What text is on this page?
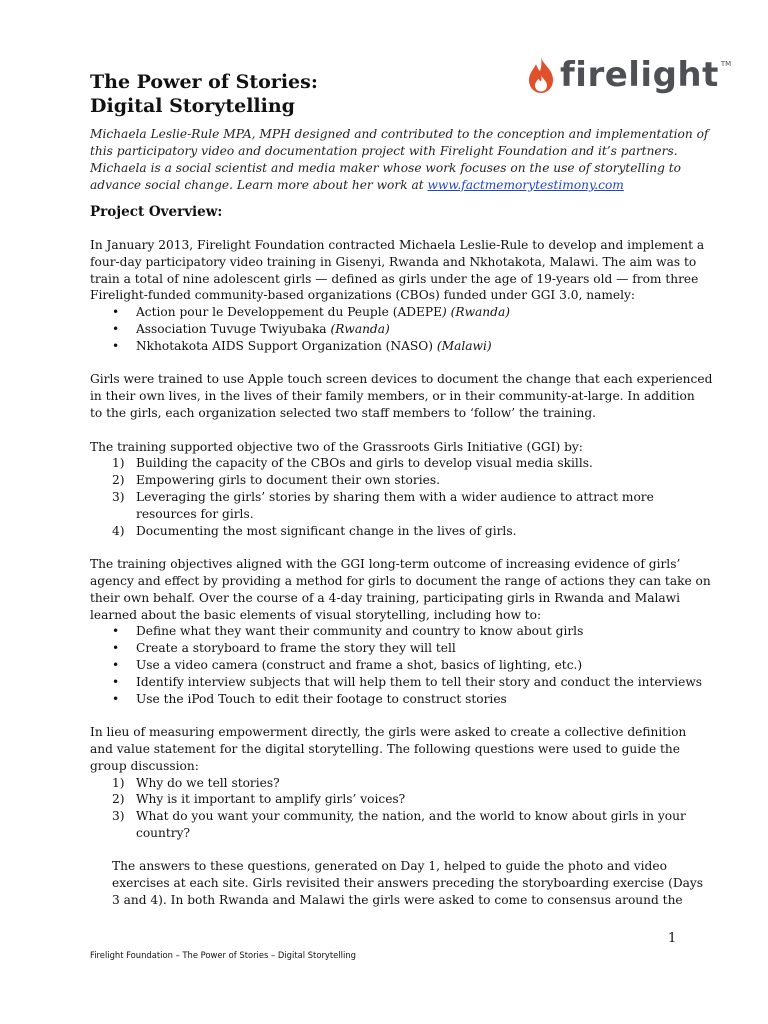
firelight TM
The Power of Stories:
Digital Storytelling
Michaela Leslie-Rule MPA, MPH designed and contributed to the conception and implementation of
this participatory video and documentation project with Firelight Foundation and it’s partners.
Michaela is a social scientist and media maker whose work focuses on the use of storytelling to
advance social change. Learn more about her work at www.factmemorytestimony.com
Project Overview:

In January 2013, Firelight Foundation contracted Michaela Leslie-Rule to develop and implement a
four-day participatory video training in Gisenyi, Rwanda and Nkhotakota, Malawi. The aim was to
train a total of nine adolescent girls — defined as girls under the age of 19-years old — from three
Firelight-funded community-based organizations (CBOs) funded under GGI 3.0, namely:

• Action pour le Developpement du Peuple (ADEPE) (Rwanda)
• Association Tuvuge Twiyubaka (Rwanda)
• Nkhotakota AIDS Support Organization (NASO) (Malawi)

Girls were trained to use Apple touch screen devices to document the change that each experienced
in their own lives, in the lives of their family members, or in their community-at-large. In addition
to the girls, each organization selected two staff members to ‘follow’ the training.

The training supported objective two of the Grassroots Girls Initiative (GGI) by:

1) Building the capacity of the CBOs and girls to develop visual media skills.
2) Empowering girls to document their own stories.
3) Leveraging the girls’ stories by sharing them with a wider audience to attract more
resources for girls.
4) Documenting the most significant change in the lives of girls.

The training objectives aligned with the GGI long-term outcome of increasing evidence of girls’
agency and effect by providing a method for girls to document the range of actions they can take on
their own behalf. Over the course of a 4-day training, participating girls in Rwanda and Malawi
learned about the basic elements of visual storytelling, including how to:

• Define what they want their community and country to know about girls
• Create a storyboard to frame the story they will tell
• Use a video camera (construct and frame a shot, basics of lighting, etc.)
• Identify interview subjects that will help them to tell their story and conduct the interviews
• Use the iPod Touch to edit their footage to construct stories

In lieu of measuring empowerment directly, the girls were asked to create a collective definition
and value statement for the digital storytelling. The following questions were used to guide the
group discussion:

1) Why do we tell stories?
2) Why is it important to amplify girls’ voices?
3) What do you want your community, the nation, and the world to know about girls in your
country?

The answers to these questions, generated on Day 1, helped to guide the photo and video
exercises at each site. Girls revisited their answers preceding the storyboarding exercise (Days
3 and 4). In both Rwanda and Malawi the girls were asked to come to consensus around the

1
Firelight Foundation – The Power of Stories – Digital Storytelling
